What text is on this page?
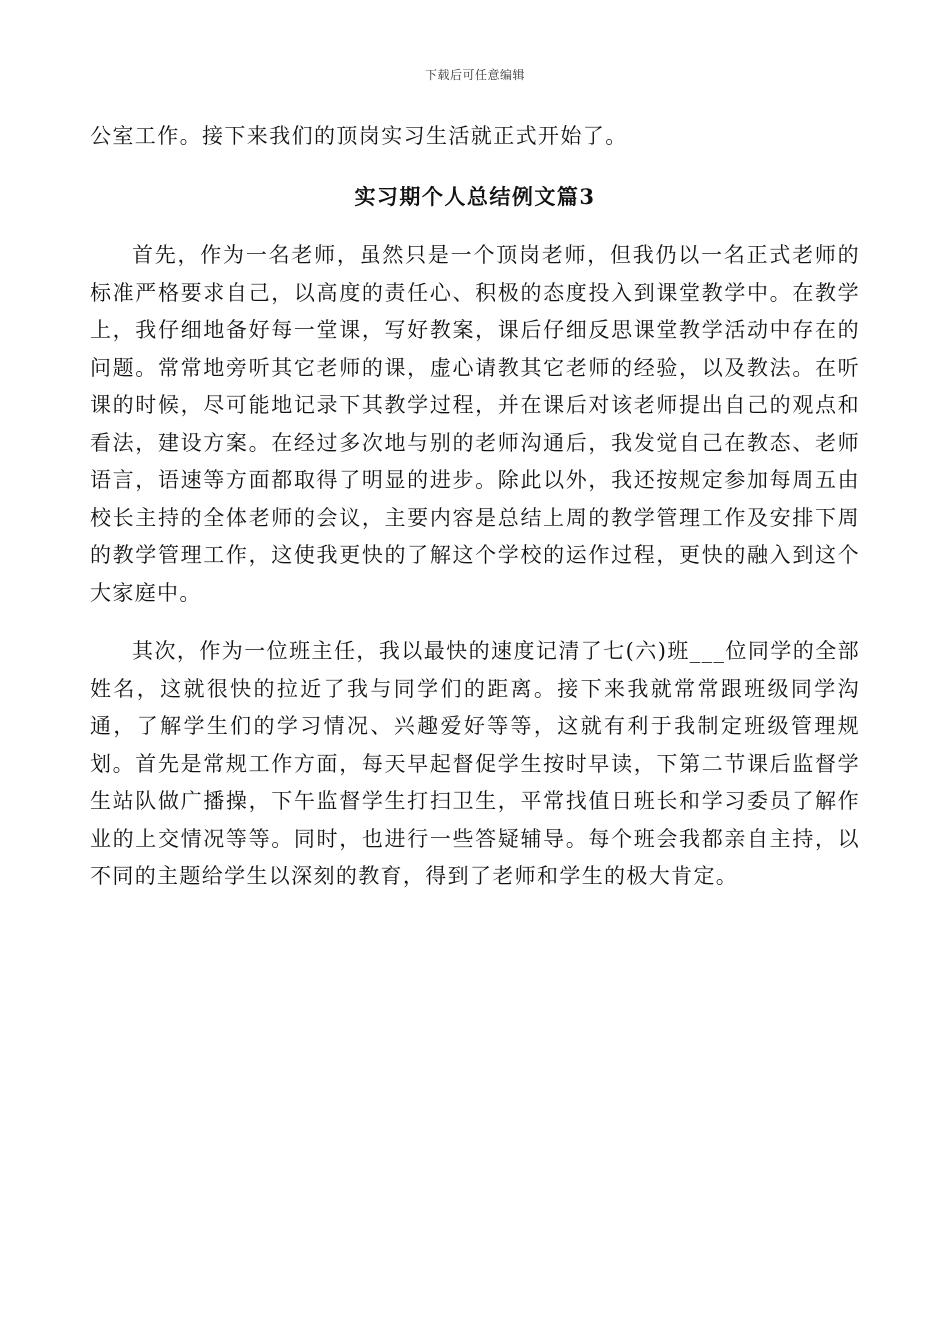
下载后可任意编辑

公室工作。接下来我们的顶岗实习生活就正式开始了。

实习期个人总结例文篇3

首先，作为一名老师，虽然只是一个顶岗老师，但我仍以一名正式老师的标准严格要求自己，以高度的责任心、积极的态度投入到课堂教学中。在教学上，我仔细地备好每一堂课，写好教案，课后仔细反思课堂教学活动中存在的问题。常常地旁听其它老师的课，虚心请教其它老师的经验，以及教法。在听课的时候，尽可能地记录下其教学过程，并在课后对该老师提出自己的观点和看法，建设方案。在经过多次地与别的老师沟通后，我发觉自己在教态、老师语言，语速等方面都取得了明显的进步。除此以外，我还按规定参加每周五由校长主持的全体老师的会议，主要内容是总结上周的教学管理工作及安排下周的教学管理工作，这使我更快的了解这个学校的运作过程，更快的融入到这个大家庭中。

其次，作为一位班主任，我以最快的速度记清了七(六)班___位同学的全部姓名，这就很快的拉近了我与同学们的距离。接下来我就常常跟班级同学沟通，了解学生们的学习情况、兴趣爱好等等，这就有利于我制定班级管理规划。首先是常规工作方面，每天早起督促学生按时早读，下第二节课后监督学生站队做广播操，下午监督学生打扫卫生，平常找值日班长和学习委员了解作业的上交情况等等。同时，也进行一些答疑辅导。每个班会我都亲自主持，以不同的主题给学生以深刻的教育，得到了老师和学生的极大肯定。
